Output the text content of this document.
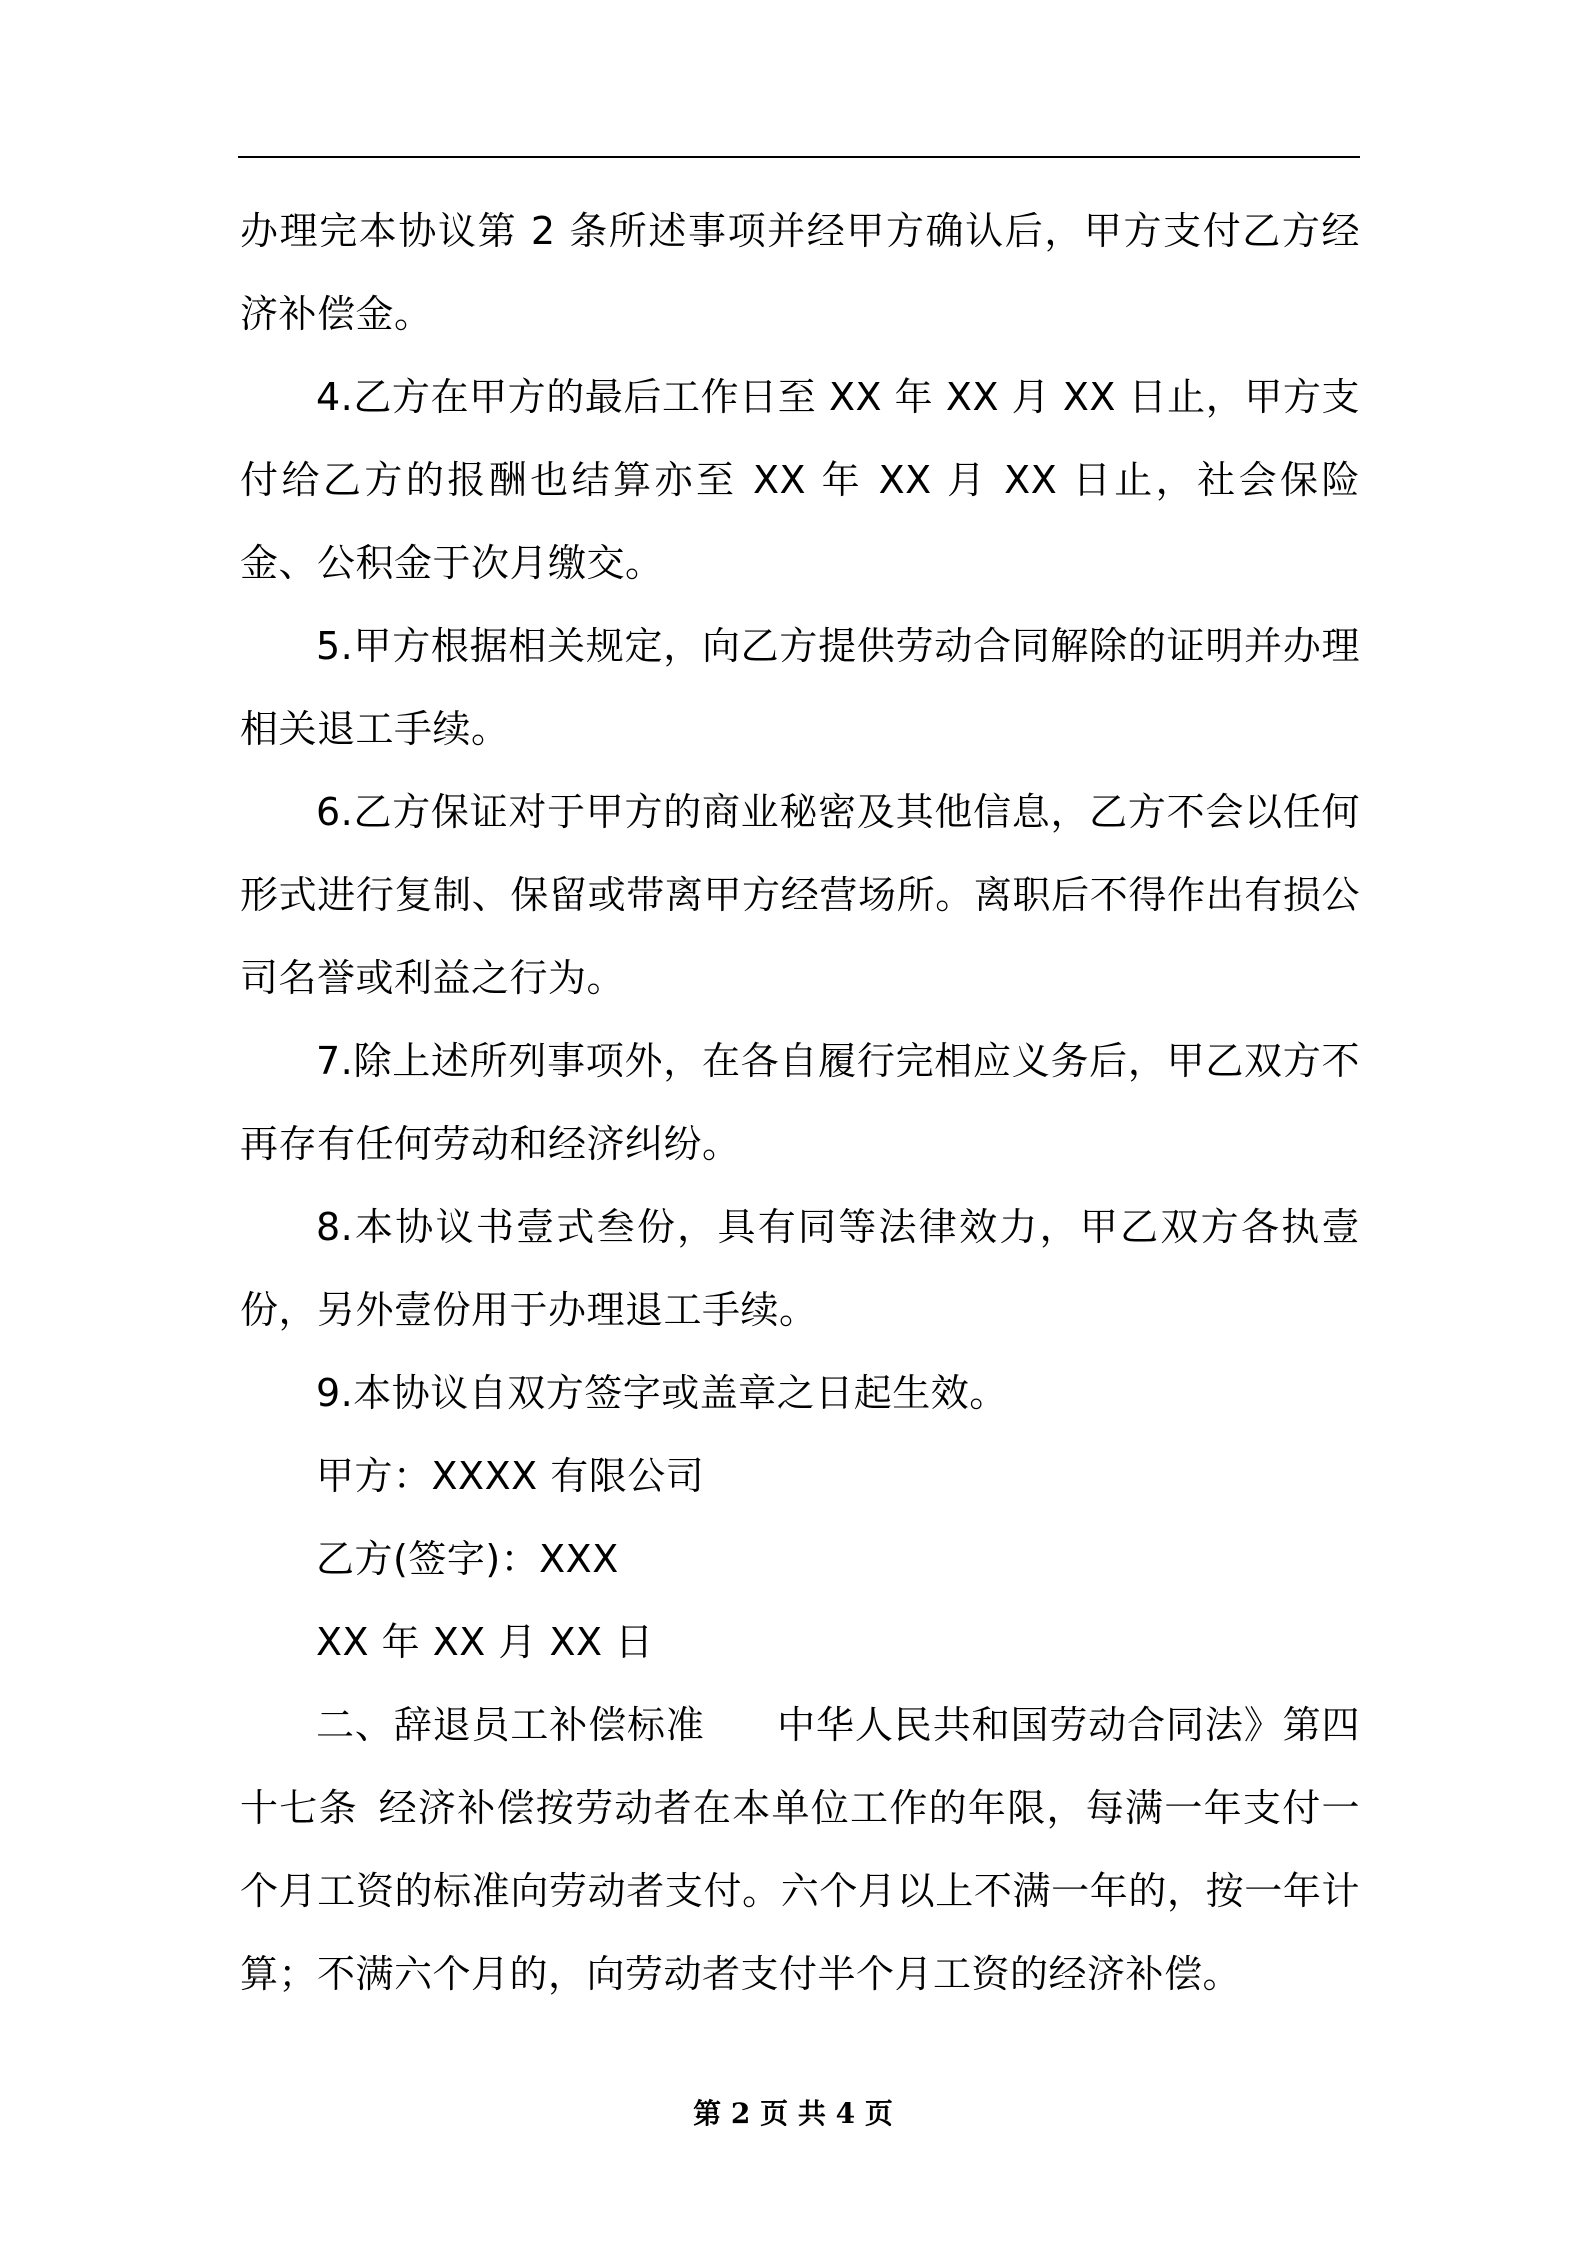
办理完本协议第 2 条所述事项并经甲方确认后，甲方支付乙方经济补偿金。

4.乙方在甲方的最后工作日至 XX 年 XX 月 XX 日止，甲方支付给乙方的报酬也结算亦至 XX 年 XX 月 XX 日止，社会保险金、公积金于次月缴交。

5.甲方根据相关规定，向乙方提供劳动合同解除的证明并办理相关退工手续。

6.乙方保证对于甲方的商业秘密及其他信息，乙方不会以任何形式进行复制、保留或带离甲方经营场所。离职后不得作出有损公司名誉或利益之行为。

7.除上述所列事项外，在各自履行完相应义务后，甲乙双方不再存有任何劳动和经济纠纷。

8.本协议书壹式叁份，具有同等法律效力，甲乙双方各执壹份，另外壹份用于办理退工手续。

9.本协议自双方签字或盖章之日起生效。

甲方：XXXX 有限公司

乙方(签字)：XXX

XX 年 XX 月 XX 日

二、辞退员工补偿标准 中华人民共和国劳动合同法》第四十七条 经济补偿按劳动者在本单位工作的年限，每满一年支付一个月工资的标准向劳动者支付。六个月以上不满一年的，按一年计算；不满六个月的，向劳动者支付半个月工资的经济补偿。

第 2 页 共 4 页
